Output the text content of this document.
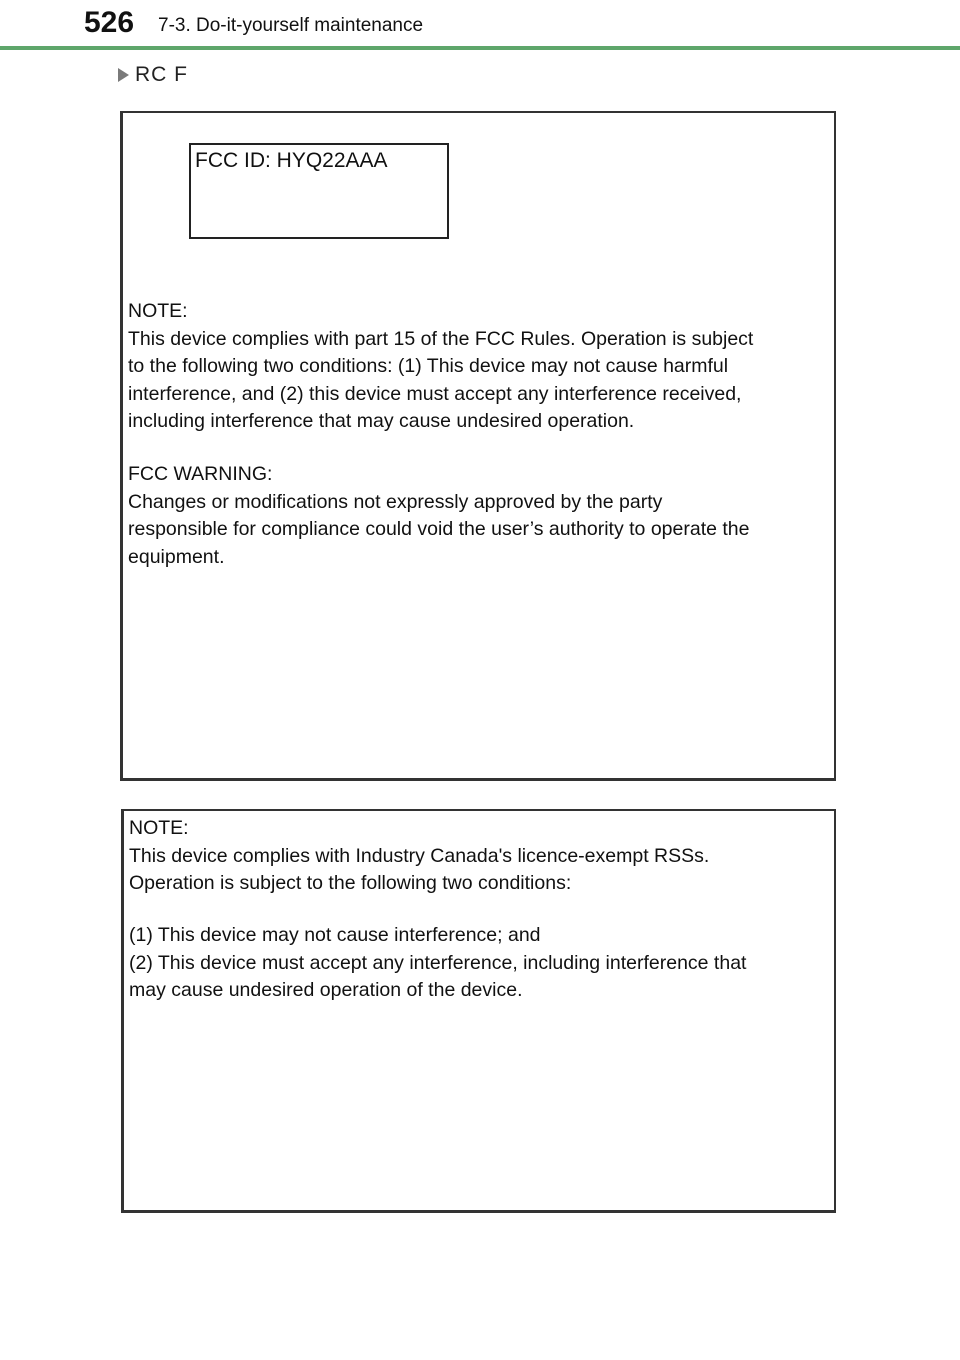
526 7-3. Do-it-yourself maintenance
RC F
FCC ID: HYQ22AAA
NOTE:
This device complies with part 15 of the FCC Rules. Operation is subject
to the following two conditions: (1) This device may not cause harmful
interference, and (2) this device must accept any interference received,
including interference that may cause undesired operation.
FCC WARNING:
Changes or modifications not expressly approved by the party
responsible for compliance could void the user’s authority to operate the
equipment.
NOTE:
This device complies with Industry Canada's licence-exempt RSSs.
Operation is subject to the following two conditions:
(1) This device may not cause interference; and
(2) This device must accept any interference, including interference that
may cause undesired operation of the device.
